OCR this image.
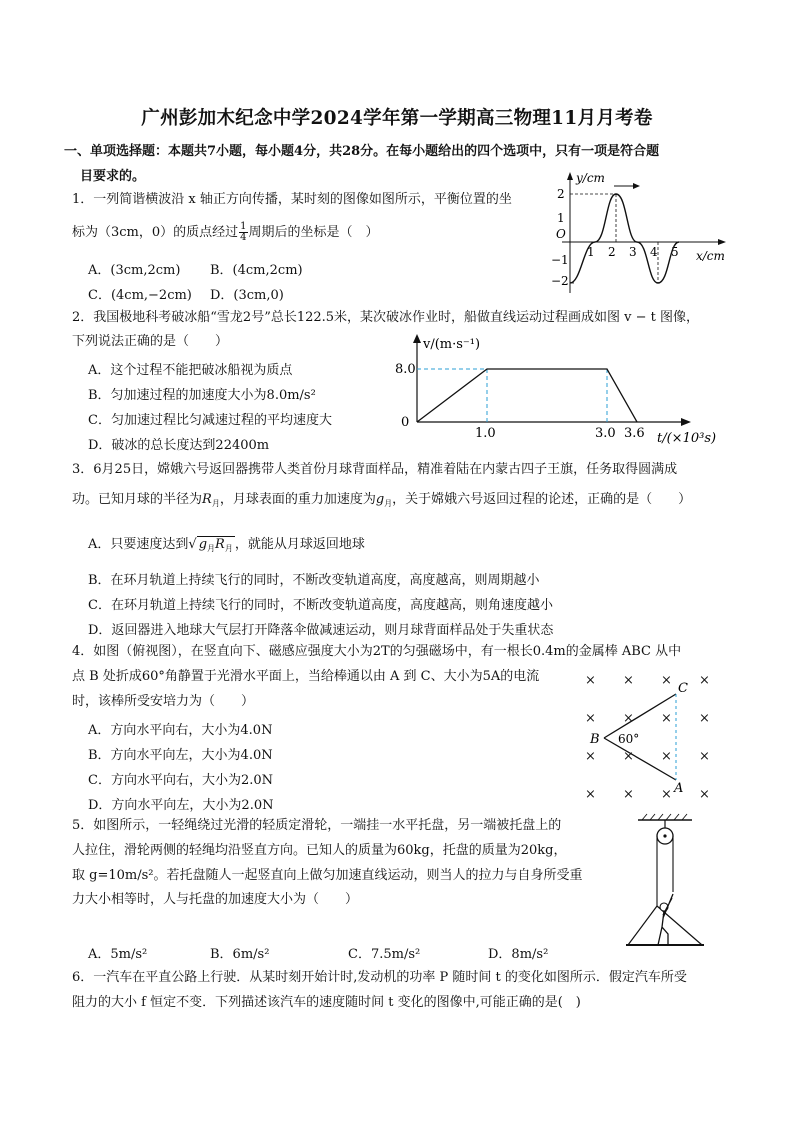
广州彭加木纪念中学2024学年第一学期高三物理11月月考卷
一、单项选择题：本题共7小题，每小题4分，共28分。在每小题给出的四个选项中，只有一项是符合题
目要求的。
1．一列简谐横波沿 x 轴正方向传播，某时刻的图像如图所示，平衡位置的坐
标为（3cm，0）的质点经过 $\frac{1}{4}$ 周期后的坐标是（　）
A．(3cm,2cm) B．(4cm,2cm)
C．(4cm,−2cm) D．(3cm,0)
y/cm
x/cm
O
2
1
−1
−2
1 2 3 4 5
2．我国极地科考破冰船“雪龙2号”总长122.5米，某次破冰作业时，船做直线运动过程画成如图 v − t 图像，
下列说法正确的是（　　）
A．这个过程不能把破冰船视为质点
B．匀加速过程的加速度大小为8.0m/s²
C．匀加速过程比匀减速过程的平均速度大
D．破冰的总长度达到22400m
v/(m·s⁻¹)
t/(×10³s)
0
8.0
1.0	3.0 3.6
3．6月25日，嫦娥六号返回器携带人类首份月球背面样品，精准着陆在内蒙古四子王旗，任务取得圆满成
功。已知月球的半径为$R_月$，月球表面的重力加速度为$g_月$，关于嫦娥六号返回过程的论述，正确的是（　　）
A．只要速度达到√ $g_月R_月$ ，就能从月球返回地球
B．在环月轨道上持续飞行的同时，不断改变轨道高度，高度越高，则周期越小
C．在环月轨道上持续飞行的同时，不断改变轨道高度，高度越高，则角速度越小
D．返回器进入地球大气层打开降落伞做减速运动，则月球背面样品处于失重状态
4．如图（俯视图），在竖直向下、磁感应强度大小为2T的匀强磁场中，有一根长0.4m的金属棒 ABC 从中
点 B 处折成60°角静置于光滑水平面上，当给棒通以由 A 到 C、大小为5A的电流
时，该棒所受安培力为（　　）
A．方向水平向右，大小为4.0N
B．方向水平向左，大小为4.0N
C．方向水平向右，大小为2.0N
D．方向水平向左，大小为2.0N
× × × ×
× × × ×
× × × ×
× × × ×
C
B
A
60°
5．如图所示，一轻绳绕过光滑的轻质定滑轮，一端挂一水平托盘，另一端被托盘上的
人拉住，滑轮两侧的轻绳均沿竖直方向。已知人的质量为60kg，托盘的质量为20kg，
取 g=10m/s²。若托盘随人一起竖直向上做匀加速直线运动，则当人的拉力与自身所受重
力大小相等时，人与托盘的加速度大小为（　　）
A．5m/s²	B．6m/s²	C．7.5m/s²	D．8m/s²
6．一汽车在平直公路上行驶．从某时刻开始计时,发动机的功率 P 随时间 t 的变化如图所示．假定汽车所受
阻力的大小 f 恒定不变．下列描述该汽车的速度随时间 t 变化的图像中,可能正确的是(　)
